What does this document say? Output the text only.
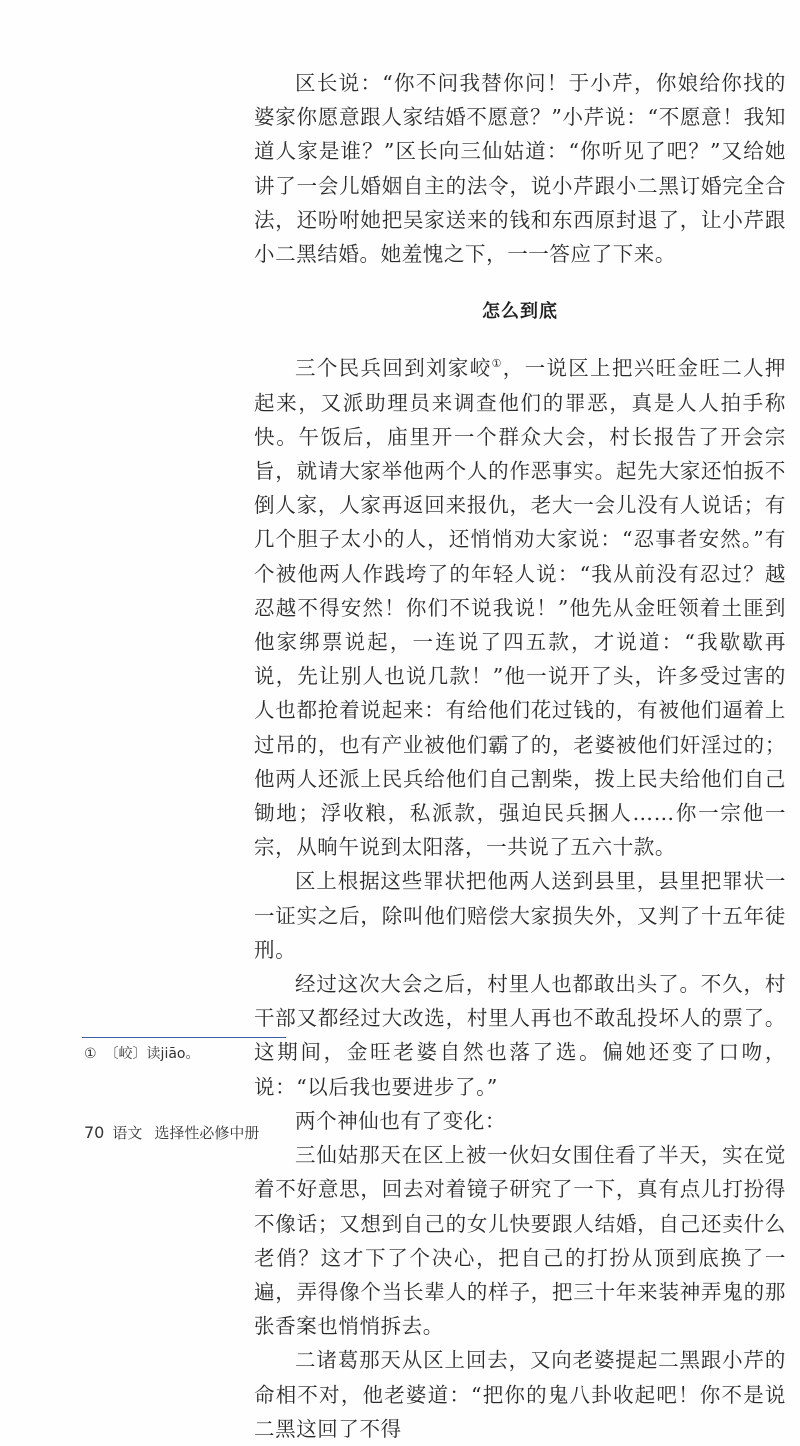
区长说：“你不问我替你问！于小芹，你娘给你找的婆家你愿意跟人家结婚不愿意？”小芹说：“不愿意！我知道人家是谁？”区长向三仙姑道：“你听见了吧？”又给她讲了一会儿婚姻自主的法令，说小芹跟小二黑订婚完全合法，还吩咐她把吴家送来的钱和东西原封退了，让小芹跟小二黑结婚。她羞愧之下，一一答应了下来。

怎么到底

三个民兵回到刘家峧①，一说区上把兴旺金旺二人押起来，又派助理员来调查他们的罪恶，真是人人拍手称快。午饭后，庙里开一个群众大会，村长报告了开会宗旨，就请大家举他两个人的作恶事实。起先大家还怕扳不倒人家，人家再返回来报仇，老大一会儿没有人说话；有几个胆子太小的人，还悄悄劝大家说：“忍事者安然。”有个被他两人作践垮了的年轻人说：“我从前没有忍过？越忍越不得安然！你们不说我说！”他先从金旺领着土匪到他家绑票说起，一连说了四五款，才说道：“我歇歇再说，先让别人也说几款！”他一说开了头，许多受过害的人也都抢着说起来：有给他们花过钱的，有被他们逼着上过吊的，也有产业被他们霸了的，老婆被他们奸淫过的；他两人还派上民兵给他们自己割柴，拨上民夫给他们自己锄地；浮收粮，私派款，强迫民兵捆人……你一宗他一宗，从晌午说到太阳落，一共说了五六十款。

区上根据这些罪状把他两人送到县里，县里把罪状一一证实之后，除叫他们赔偿大家损失外，又判了十五年徒刑。

经过这次大会之后，村里人也都敢出头了。不久，村干部又都经过大改选，村里人再也不敢乱投坏人的票了。这期间，金旺老婆自然也落了选。偏她还变了口吻，说：“以后我也要进步了。”

两个神仙也有了变化：

三仙姑那天在区上被一伙妇女围住看了半天，实在觉着不好意思，回去对着镜子研究了一下，真有点儿打扮得不像话；又想到自己的女儿快要跟人结婚，自己还卖什么老俏？这才下了个决心，把自己的打扮从顶到底换了一遍，弄得像个当长辈人的样子，把三十年来装神弄鬼的那张香案也悄悄拆去。

二诸葛那天从区上回去，又向老婆提起二黑跟小芹的命相不对，他老婆道：“把你的鬼八卦收起吧！你不是说二黑这回了不得

① 〔峧〕读jiāo。
70 语文 选择性必修中册
